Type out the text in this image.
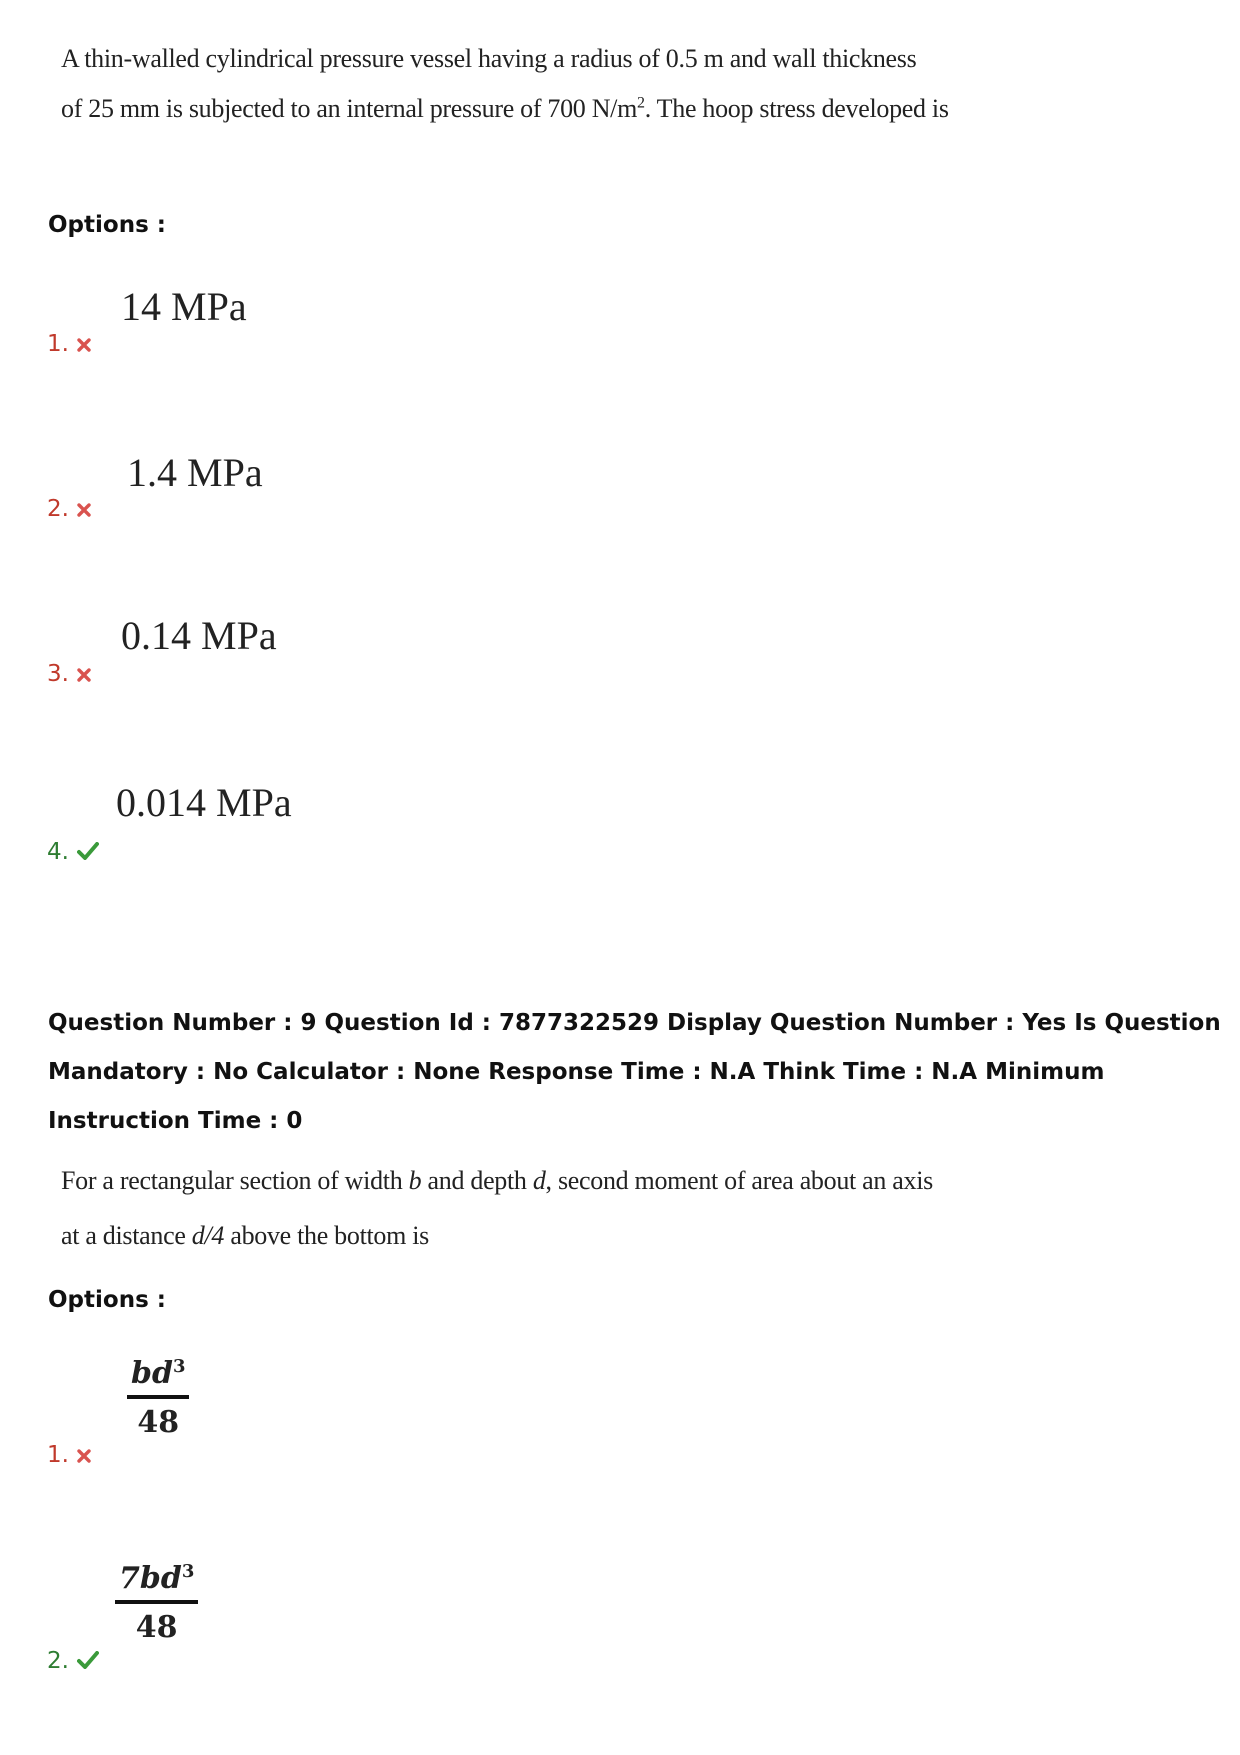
A thin-walled cylindrical pressure vessel having a radius of 0.5 m and wall thickness
of 25 mm is subjected to an internal pressure of 700 $N/m^2$. The hoop stress developed is
Options :
14 MPa
1.
1.4 MPa
2.
0.14 MPa
3.
0.014 MPa
4.
Question Number : 9 Question Id : 7877322529 Display Question Number : Yes Is Question Mandatory : No Calculator : None Response Time : N.A Think Time : N.A Minimum Instruction Time : 0
For a rectangular section of width b and depth d, second moment of area about an axis
at a distance d/4 above the bottom is
Options :
$bd^3$
48
1.
$7bd^3$
48
2.
